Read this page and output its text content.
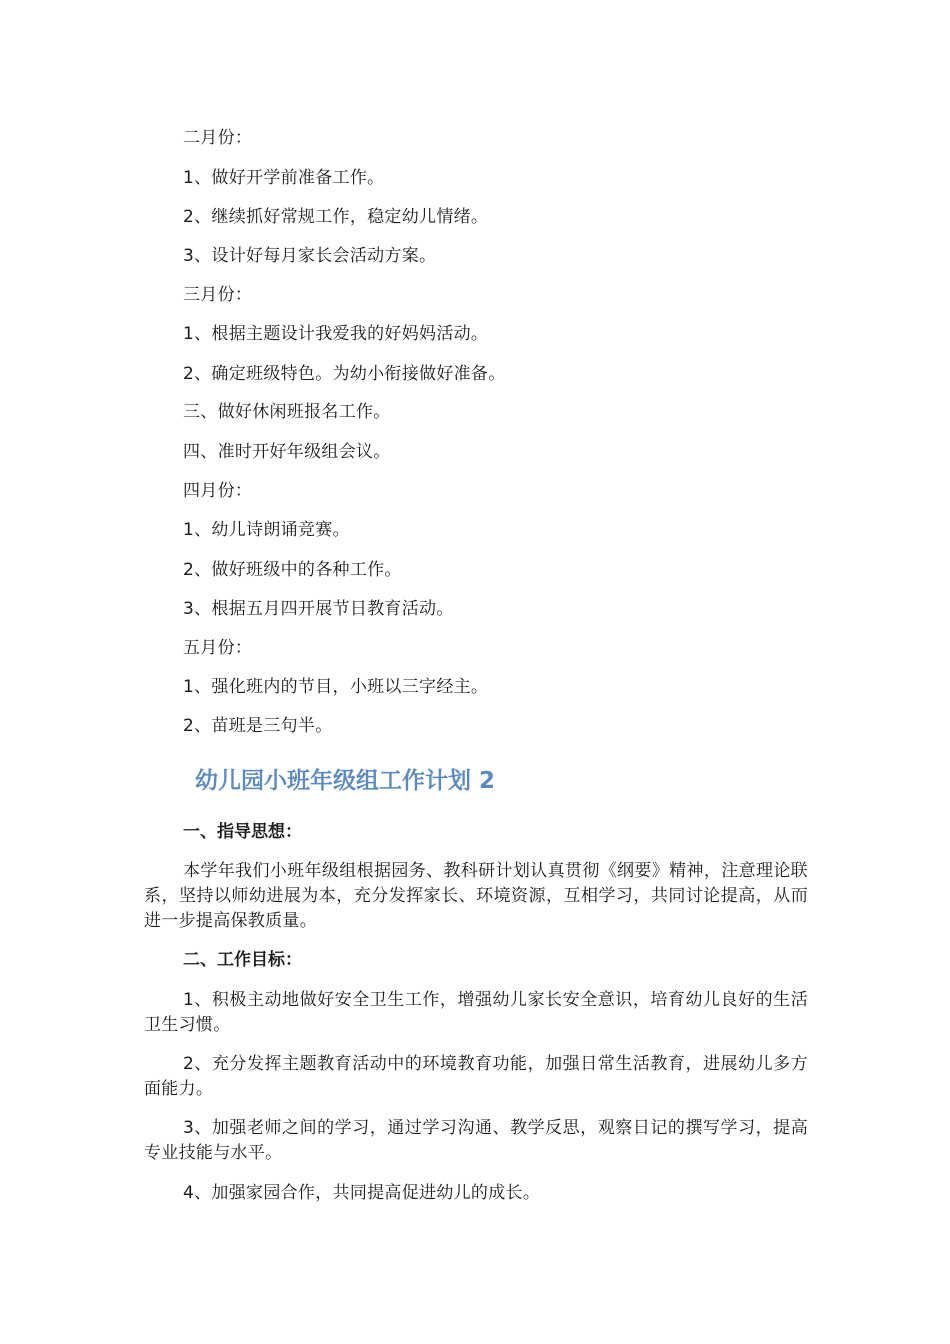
二月份：
1、做好开学前准备工作。
2、继续抓好常规工作，稳定幼儿情绪。
3、设计好每月家长会活动方案。
三月份：
1、根据主题设计我爱我的好妈妈活动。
2、确定班级特色。为幼小衔接做好准备。
三、做好休闲班报名工作。
四、准时开好年级组会议。
四月份：
1、幼儿诗朗诵竞赛。
2、做好班级中的各种工作。
3、根据五月四开展节日教育活动。
五月份：
1、强化班内的节目，小班以三字经主。
2、苗班是三句半。
幼儿园小班年级组工作计划 2
一、指导思想：
本学年我们小班年级组根据园务、教科研计划认真贯彻《纲要》精神，注意理论联系，坚持以师幼进展为本，充分发挥家长、环境资源，互相学习，共同讨论提高，从而进一步提高保教质量。
二、工作目标：
1、积极主动地做好安全卫生工作，增强幼儿家长安全意识，培育幼儿良好的生活卫生习惯。
2、充分发挥主题教育活动中的环境教育功能，加强日常生活教育，进展幼儿多方面能力。
3、加强老师之间的学习，通过学习沟通、教学反思，观察日记的撰写学习，提高专业技能与水平。
4、加强家园合作，共同提高促进幼儿的成长。
